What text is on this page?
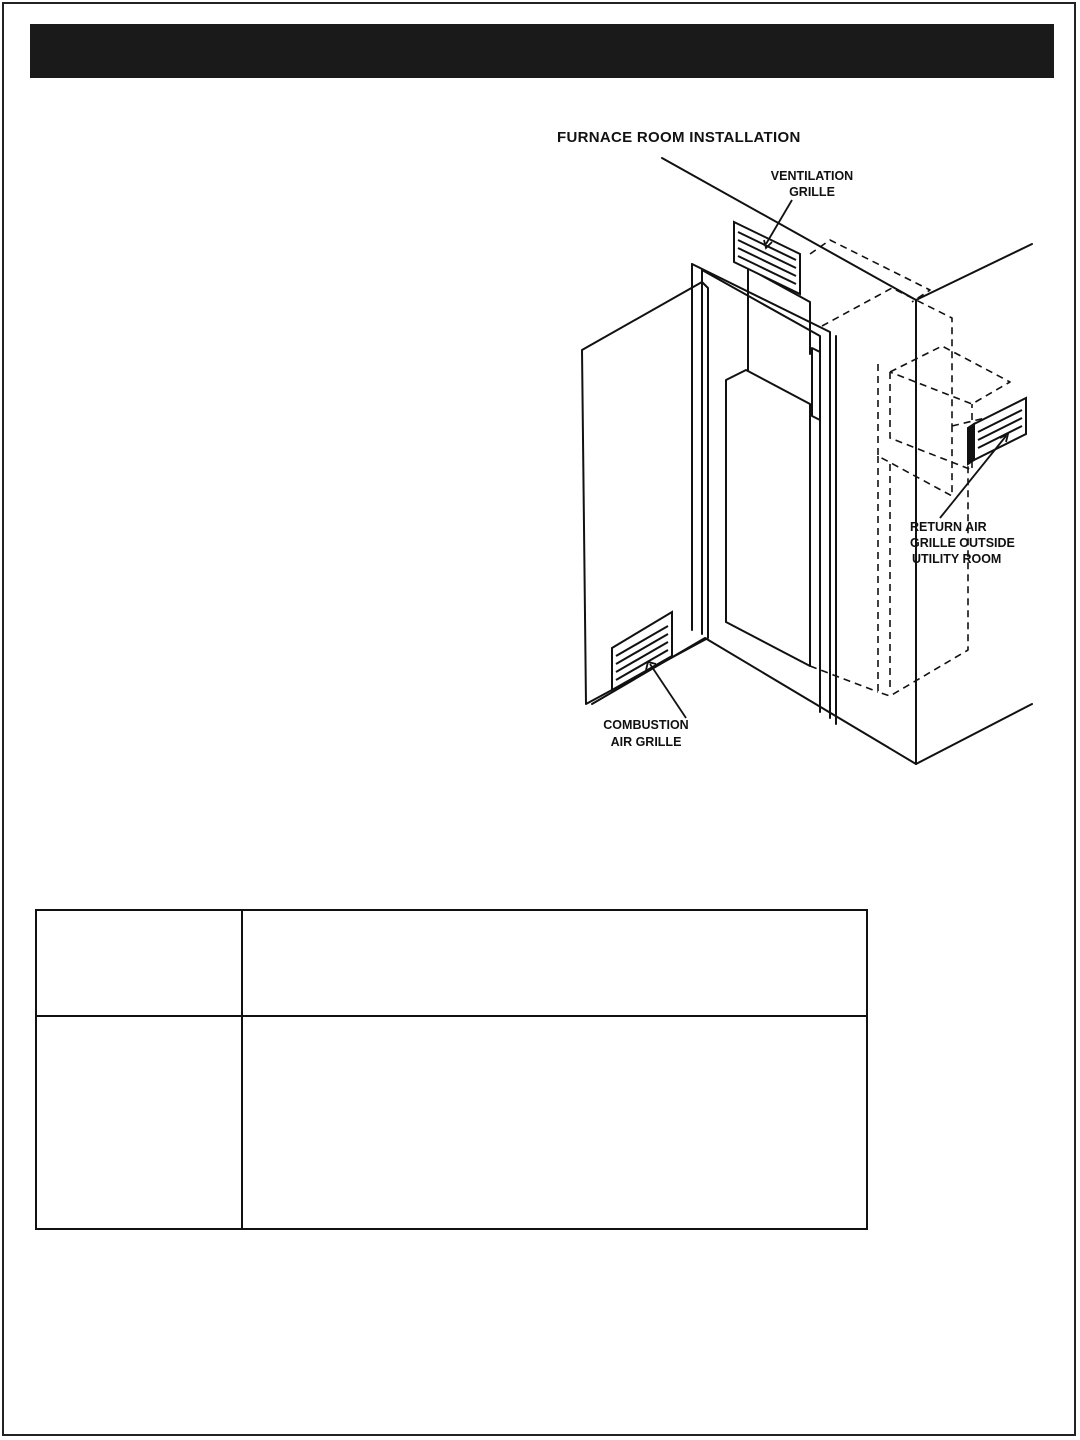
FURNACE ROOM INSTALLATION
VENTILATION
GRILLE
RETURN AIR
GRILLE OUTSIDE
UTILITY ROOM
COMBUSTION
AIR GRILLE
